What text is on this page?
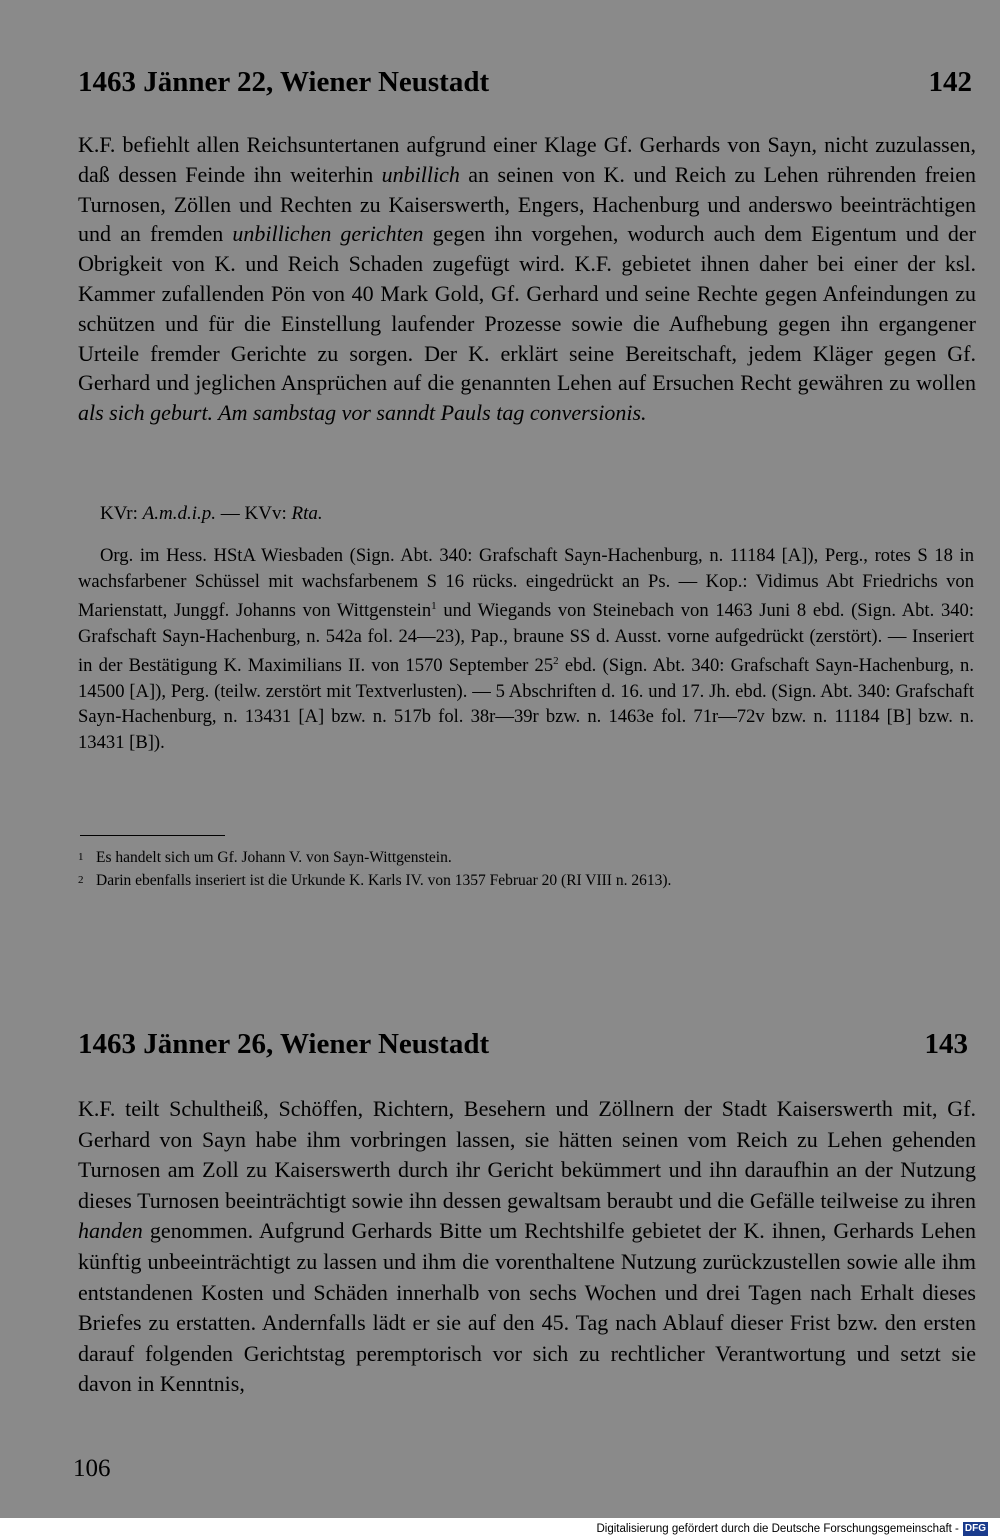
1463 Jänner 22, Wiener Neustadt	142
K.F. befiehlt allen Reichsuntertanen aufgrund einer Klage Gf. Gerhards von Sayn, nicht zuzulassen, daß dessen Feinde ihn weiterhin unbillich an seinen von K. und Reich zu Lehen rührenden freien Turnosen, Zöllen und Rechten zu Kaiserswerth, Engers, Hachenburg und anderswo beeinträchtigen und an fremden unbillichen gerichten gegen ihn vorgehen, wodurch auch dem Eigentum und der Obrigkeit von K. und Reich Schaden zugefügt wird. K.F. gebietet ihnen daher bei einer der ksl. Kammer zufallenden Pön von 40 Mark Gold, Gf. Gerhard und seine Rechte gegen Anfeindungen zu schützen und für die Einstellung laufender Prozesse sowie die Aufhebung gegen ihn ergangener Urteile fremder Gerichte zu sorgen. Der K. erklärt seine Bereitschaft, jedem Kläger gegen Gf. Gerhard und jeglichen Ansprüchen auf die genannten Lehen auf Ersuchen Recht gewähren zu wollen als sich geburt. Am sambstag vor sanndt Pauls tag conversionis.
KVr: A.m.d.i.p. — KVv: Rta.
Org. im Hess. HStA Wiesbaden (Sign. Abt. 340: Grafschaft Sayn-Hachenburg, n. 11184 [A]), Perg., rotes S 18 in wachsfarbener Schüssel mit wachsfarbenem S 16 rücks. eingedrückt an Ps. — Kop.: Vidimus Abt Friedrichs von Marienstatt, Junggf. Johanns von Wittgenstein$^1$ und Wiegands von Steinebach von 1463 Juni 8 ebd. (Sign. Abt. 340: Grafschaft Sayn-Hachenburg, n. 542a fol. 24—23), Pap., braune SS d. Ausst. vorne aufgedrückt (zerstört). — Inseriert in der Bestätigung K. Maximilians II. von 1570 September $25^2$ ebd. (Sign. Abt. 340: Grafschaft Sayn-Hachenburg, n. 14500 [A]), Perg. (teilw. zerstört mit Textverlusten). — 5 Abschriften d. 16. und 17. Jh. ebd. (Sign. Abt. 340: Grafschaft Sayn-Hachenburg, n. 13431 [A] bzw. n. 517b fol. 38r—39r bzw. n. 1463e fol. 71r—72v bzw. n. 11184 [B] bzw. n. 13431 [B]).
1 Es handelt sich um Gf. Johann V. von Sayn-Wittgenstein.
2 Darin ebenfalls inseriert ist die Urkunde K. Karls IV. von 1357 Februar 20 (RI VIII n. 2613).
1463 Jänner 26, Wiener Neustadt	143
K.F. teilt Schultheiß, Schöffen, Richtern, Besehern und Zöllnern der Stadt Kaiserswerth mit, Gf. Gerhard von Sayn habe ihm vorbringen lassen, sie hätten seinen vom Reich zu Lehen gehenden Turnosen am Zoll zu Kaiserswerth durch ihr Gericht bekümmert und ihn daraufhin an der Nutzung dieses Turnosen beeinträchtigt sowie ihn dessen gewaltsam beraubt und die Gefälle teilweise zu ihren handen genommen. Aufgrund Gerhards Bitte um Rechtshilfe gebietet der K. ihnen, Gerhards Lehen künftig unbeeinträchtigt zu lassen und ihm die vorenthaltene Nutzung zurückzustellen sowie alle ihm entstandenen Kosten und Schäden innerhalb von sechs Wochen und drei Tagen nach Erhalt dieses Briefes zu erstatten. Andernfalls lädt er sie auf den 45. Tag nach Ablauf dieser Frist bzw. den ersten darauf folgenden Gerichtstag peremptorisch vor sich zu rechtlicher Verantwortung und setzt sie davon in Kenntnis,
106
Digitalisierung gefördert durch die Deutsche Forschungsgemeinschaft - DFG
